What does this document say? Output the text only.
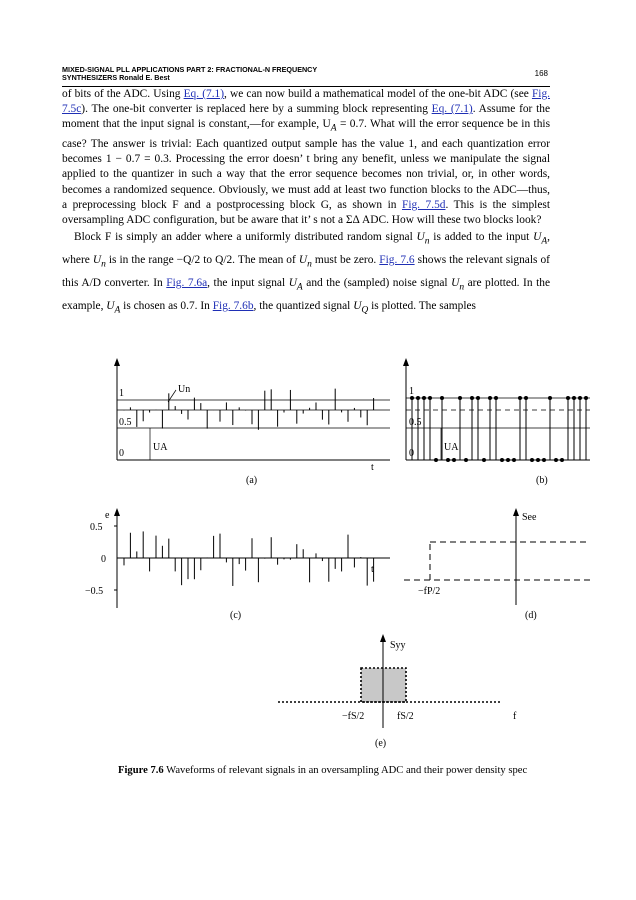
MIXED-SIGNAL PLL APPLICATIONS PART 2: FRACTIONAL-N FREQUENCY
SYNTHESIZERS Ronald E. Best	168

of bits of the ADC. Using Eq. (7.1), we can now build a mathematical model of the one-bit ADC (see Fig. 7.5c). The one-bit converter is replaced here by a summing block representing Eq. (7.1). Assume for the moment that the input signal is constant,—for example, $U_A = 0.7$. What will the error sequence be in this case? The answer is trivial: Each quantized output sample has the value 1, and each quantization error becomes 1 − 0.7 = 0.3. Processing the error doesn’ t bring any benefit, unless we manipulate the signal applied to the quantizer in such a way that the error sequence becomes non trivial, or, in other words, becomes a randomized sequence. Obviously, we must add at least two function blocks to the ADC—thus, a preprocessing block F and a postprocessing block G, as shown in Fig. 7.5d. This is the simplest oversampling ADC configuration, but be aware that it’ s not a ΣΔ ADC. How will these two blocks look?

Block F is simply an adder where a uniformly distributed random signal $U_n$ is added to the input $U_A$, where $U_n$ is in the range −Q/2 to Q/2. The mean of $U_n$ must be zero. Fig. 7.6 shows the relevant signals of this A/D converter. In Fig. 7.6a, the input signal $U_A$ and the (sampled) noise signal $U_n$ are plotted. In the example, $U_A$ is chosen as 0.7. In Fig. 7.6b, the quantized signal $U_Q$ is plotted. The samples

1
0.5
0
Un
UA
t
(a)
1
0.5
0
UA
(b)
e
0.5
0
−0.5
t
(c)
See
−fP/2
(d)
Syy
−fS/2	fS/2	f
(e)
Figure 7.6 Waveforms of relevant signals in an oversampling ADC and their power density spec
